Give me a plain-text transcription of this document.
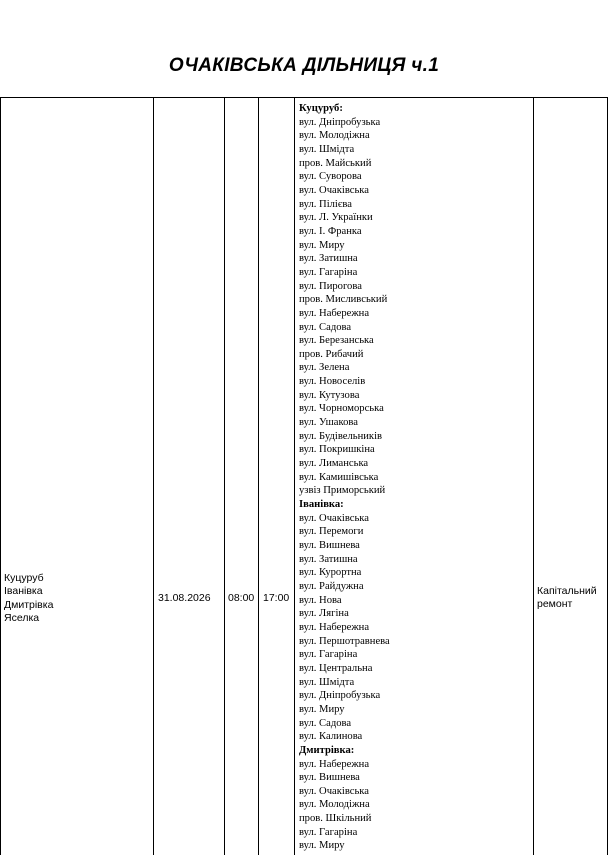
ОЧАКІВСЬКА ДІЛЬНИЦЯ ч.1
Куцуруб
Іванівка
Дмитрівка
Яселка
31.08.2026 08:00 17:00
Капітальний ремонт
Куцуруб:
вул. Дніпробузька
вул. Молодіжна
вул. Шмідта
пров. Майський
вул. Суворова
вул. Очаківська
вул. Пілієва
вул. Л. Українки
вул. І. Франка
вул. Миру
вул. Затишна
вул. Гагаріна
вул. Пирогова
пров. Мисливський
вул. Набережна
вул. Садова
вул. Березанська
пров. Рибачий
вул. Зелена
вул. Новоселів
вул. Кутузова
вул. Чорноморська
вул. Ушакова
вул. Будівельників
вул. Покришкіна
вул. Лиманська
вул. Камишівська
узвіз Приморський
Іванівка:
вул. Очаківська
вул. Перемоги
вул. Вишнева
вул. Затишна
вул. Курортна
вул. Райдужна
вул. Нова
вул. Лягіна
вул. Набережна
вул. Першотравнева
вул. Гагаріна
вул. Центральна
вул. Шмідта
вул. Дніпробузька
вул. Миру
вул. Садова
вул. Калинова
Дмитрівка:
вул. Набережна
вул. Вишнева
вул. Очаківська
вул. Молодіжна
пров. Шкільний
вул. Гагаріна
вул. Миру
